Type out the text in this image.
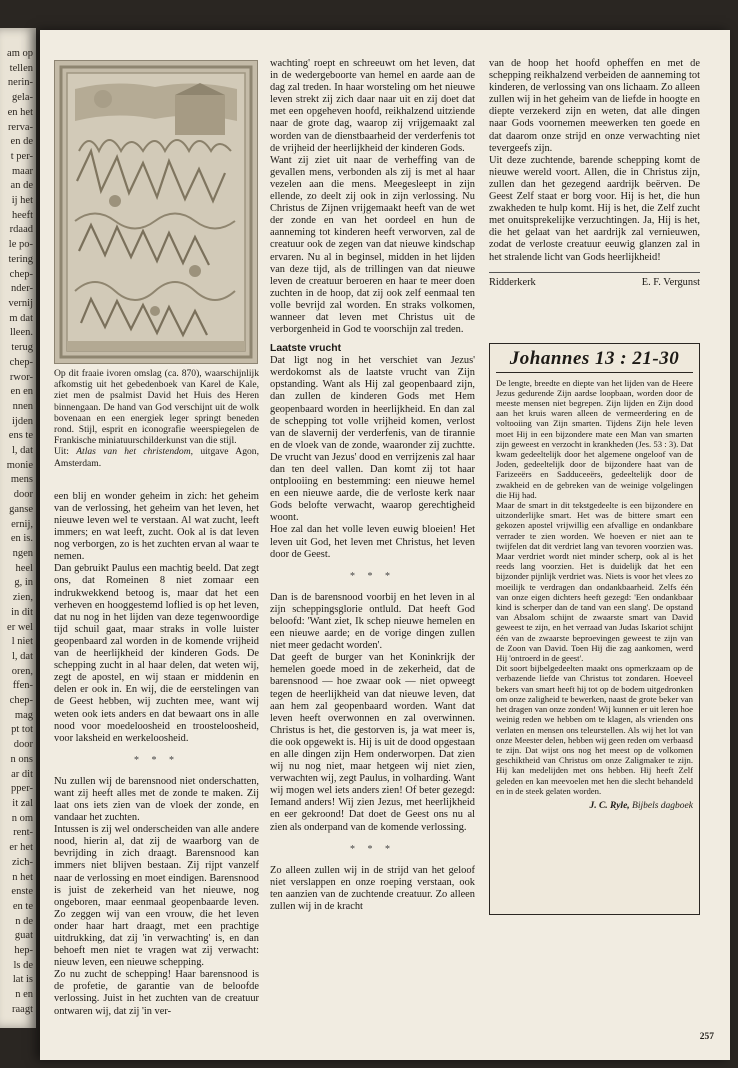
am op
tellen
nerin-
gela-
en het
rerva-
en de
t per-
maar
an de
ij het
heeft
rdaad
le po-
tering
chep-
nder-
vernij
m dat
lleen.
terug
chep-
rwor-
en en
nnen
ijden
ens te
l, dat
monie
mens
door
ganse
ernij,
en is.
ngen
heel
g, in
zien,
in dit
er wel
l niet
l, dat
oren,
ffen-
chep-
mag
pt tot
door
n ons
ar dit
pper-
it zal
n om
rent-
er het
zich-
n het
enste
en te
n de
guat
hep-
ls de
lat is
n en
raagt
Op dit fraaie ivoren omslag (ca. 870), waarschijnlijk afkomstig uit het gebedenboek van Karel de Kale, ziet men de psalmist David het Huis des Heren binnengaan. De hand van God verschijnt uit de wolk bovenaan en een energiek leger springt beneden rond. Stijl, esprit en iconografie weerspiegelen de Frankische miniatuurschilderkunst van die stijl.
Uit: Atlas van het christendom, uitgave Agon, Amsterdam.

een blij en wonder geheim in zich: het geheim van de verlossing, het geheim van het leven, het nieuwe leven wel te verstaan. Al wat zucht, leeft immers; en wat leeft, zucht. Ook al is dat leven nog verborgen, zo is het zuchten ervan al waar te nemen.

Dan gebruikt Paulus een machtig beeld. Dat zegt ons, dat Romeinen 8 niet zomaar een indrukwekkend betoog is, maar dat het een verheven en hooggestemd loflied is op het leven, dat nu nog in het lijden van deze tegenwoordige tijd schuil gaat, maar straks in volle luister geopenbaard zal worden in de komende vrijheid van de heerlijkheid der kinderen Gods. De schepping zucht in al haar delen, dat weten wij, zegt de apostel, en wij staan er middenin en delen er ook in. En wij, die de eerstelingen van de Geest hebben, wij zuchten mee, want wij weten ook iets anders en dat bewaart ons in alle nood voor moedeloosheid en troosteloosheid, voor laksheid en werkeloosheid.

* * *

Nu zullen wij de barensnood niet onderschatten, want zij heeft alles met de zonde te maken. Zij laat ons iets zien van de vloek der zonde, en vandaar het zuchten.

Intussen is zij wel onderscheiden van alle andere nood, hierin al, dat zij de waarborg van de bevrijding in zich draagt. Barensnood kan immers niet blijven bestaan. Zij rijpt vanzelf naar de verlossing en moet eindigen. Barensnood is juist de zekerheid van het nieuwe, nog ongeboren, maar eenmaal geopenbaarde leven. Zo zeggen wij van een vrouw, die het leven onder haar hart draagt, met een prachtige uitdrukking, dat zij 'in verwachting' is, en dan behoeft men niet te vragen wat zij verwacht: nieuw leven, een nieuwe schepping.

Zo nu zucht de schepping! Haar barensnood is de profetie, de garantie van de beloofde verlossing. Juist in het zuchten van de creatuur ontwaren wij, dat zij 'in ver-

wachting' roept en schreeuwt om het leven, dat in de wedergeboorte van hemel en aarde aan de dag zal treden. In haar worsteling om het nieuwe leven strekt zij zich daar naar uit en zij doet dat met een opgeheven hoofd, reikhalzend uitziende naar de grote dag, waarop zij vrijgemaakt zal worden van de dienstbaarheid der verderfenis tot de vrijheid der heerlijkheid der kinderen Gods.

Want zij ziet uit naar de verheffing van de gevallen mens, verbonden als zij is met al haar vezelen aan die mens. Meegesleept in zijn ellende, zo deelt zij ook in zijn verlossing. Nu Christus de Zijnen vrijgemaakt heeft van de wet der zonde en van het oordeel en hun de aanneming tot kinderen heeft verworven, zal de creatuur ook de zegen van dat nieuwe kindschap ervaren. Nu al in beginsel, midden in het lijden van deze tijd, als de trillingen van dat nieuwe leven de creatuur beroeren en haar te meer doen zuchten in de hoop, dat zij ook zelf eenmaal ten volle bevrijd zal worden. En straks volkomen, wanneer dat leven met Christus uit de verborgenheid in God te voorschijn zal treden.

Laatste vrucht

Dat ligt nog in het verschiet van Jezus' werdokomst als de laatste vrucht van Zijn opstanding. Want als Hij zal geopenbaard zijn, dan zullen de kinderen Gods met Hem geopenbaard worden in heerlijkheid. En dan zal de schepping tot volle vrijheid komen, verlost van de slavernij der verderfenis, van de tirannie en de vloek van de zonde, waaronder zij zuchtte. De vrucht van Jezus' dood en verrijzenis zal haar dan ten deel vallen. Dan komt zij tot haar ontplooiing en bestemming: een nieuwe hemel en een nieuwe aarde, die de verloste kerk naar Gods belofte verwacht, waarop gerechtigheid woont.

Hoe zal dan het volle leven euwig bloeien! Het leven uit God, het leven met Christus, het leven door de Geest.

* * *

Dan is de barensnood voorbij en het leven in al zijn scheppingsglorie ontluld. Dat heeft God beloofd: 'Want ziet, Ik schep nieuwe hemelen en een nieuwe aarde; en de vorige dingen zullen niet meer gedacht worden'.

Dat geeft de burger van het Koninkrijk der hemelen goede moed in de zekerheid, dat de barensnood — hoe zwaar ook — niet opweegt tegen de heerlijkheid van dat nieuwe leven, dat aan hem zal geopenbaard worden. Want dat leven heeft overwonnen en zal overwinnen. Christus is het, die gestorven is, ja wat meer is, die ook opgewekt is. Hij is uit de dood opgestaan en alle dingen zijn Hem onderworpen. Dat zien wij nu nog niet, maar hetgeen wij niet zien, verwachten wij, zegt Paulus, in volharding. Want wij mogen wel iets anders zien! Of beter gezegd: Iemand anders! Wij zien Jezus, met heerlijkheid en eer gekroond! Dat doet de Geest ons nu al zien als onderpand van de komende verlossing.

* * *

Zo alleen zullen wij in de strijd van het geloof niet verslappen en onze roeping verstaan, ook ten aanzien van de zuchtende creatuur. Zo alleen zullen wij in de kracht

van de hoop het hoofd opheffen en met de schepping reikhalzend verbeiden de aanneming tot kinderen, de verlossing van ons lichaam. Zo alleen zullen wij in het geheim van de liefde in hoogte en diepte verzekerd zijn en weten, dat alle dingen naar Gods voornemen meewerken ten goede en dat daarom onze strijd en onze verwachting niet tevergeefs zijn.

Uit deze zuchtende, barende schepping komt de nieuwe wereld voort. Allen, die in Christus zijn, zullen dan het gezegend aardrijk beërven. De Geest Zelf staat er borg voor. Hij is het, die hun zwakheden te hulp komt. Hij is het, die Zelf zucht met onuitsprekelijke verzuchtingen. Ja, Hij is het, die het gelaat van het aardrijk zal vernieuwen, zodat de verloste creatuur eeuwig glanzen zal in het stralende licht van Gods heerlijkheid!

Ridderkerk	E. F. Vergunst
Johannes 13 : 21-30

De lengte, breedte en diepte van het lijden van de Heere Jezus gedurende Zijn aardse loopbaan, worden door de meeste mensen niet begrepen. Zijn lijden en Zijn dood aan het kruis waren alleen de vermeerdering en de voltooiing van Zijn smarten. Tijdens Zijn hele leven moet Hij in een bijzondere mate een Man van smarten zijn geweest en verzocht in krankheden (Jes. 53 : 3). Dat kwam gedeeltelijk door het algemene ongeloof van de Joden, gedeeltelijk door de bijzondere haat van de Farizeeërs en Sadduceeërs, gedeeltelijk door de zwakheid en de gebreken van de weinige volgelingen die Hij had.

Maar de smart in dit tekstgedeelte is een bijzondere en uitzonderlijke smart. Het was de bittere smart een gekozen apostel vrijwillig een afvallige en ondankbare verrader te zien worden. We hoeven er niet aan te twijfelen dat dit verdriet lang van tevoren voorzien was. Maar verdriet wordt niet minder scherp, ook al is het reeds lang voorzien. Het is duidelijk dat het een bijzonder pijnlijk verdriet was. Niets is voor het vlees zo moeilijk te verdragen dan ondankbaarheid. Zelfs één van onze eigen dichters heeft gezegd: 'Een ondankbaar kind is scherper dan de tand van een slang'. De opstand van Absalom schijnt de zwaarste smart van David geweest te zijn, en het verraad van Judas Iskariot schijnt één van de zwaarste beproevingen geweest te zijn van de Zoon van David. Toen Hij die zag aankomen, werd Hij 'ontroerd in de geest'.

Dit soort bijbelgedeelten maakt ons opmerkzaam op de verbazende liefde van Christus tot zondaren. Hoeveel bekers van smart heeft hij tot op de bodem uitgedronken om onze zaligheid te bewerken, naast de grote beker van het dragen van onze zonden! Wij kunnen er uit leren hoe weinig reden we hebben om te klagen, als vrienden ons verlaten en mensen ons teleurstellen. Als wij het lot van onze Meester delen, hebben wij geen reden om verbaasd te zijn. Dat wijst ons nog het meest op de volkomen geschiktheid van Christus om onze Zaligmaker te zijn. Hij kan medelijden met ons hebben. Hij heeft Zelf geleden en kan meevoelen met hen die slecht behandeld en in de steek gelaten worden.

J. C. Ryle, Bijbels dagboek
257
